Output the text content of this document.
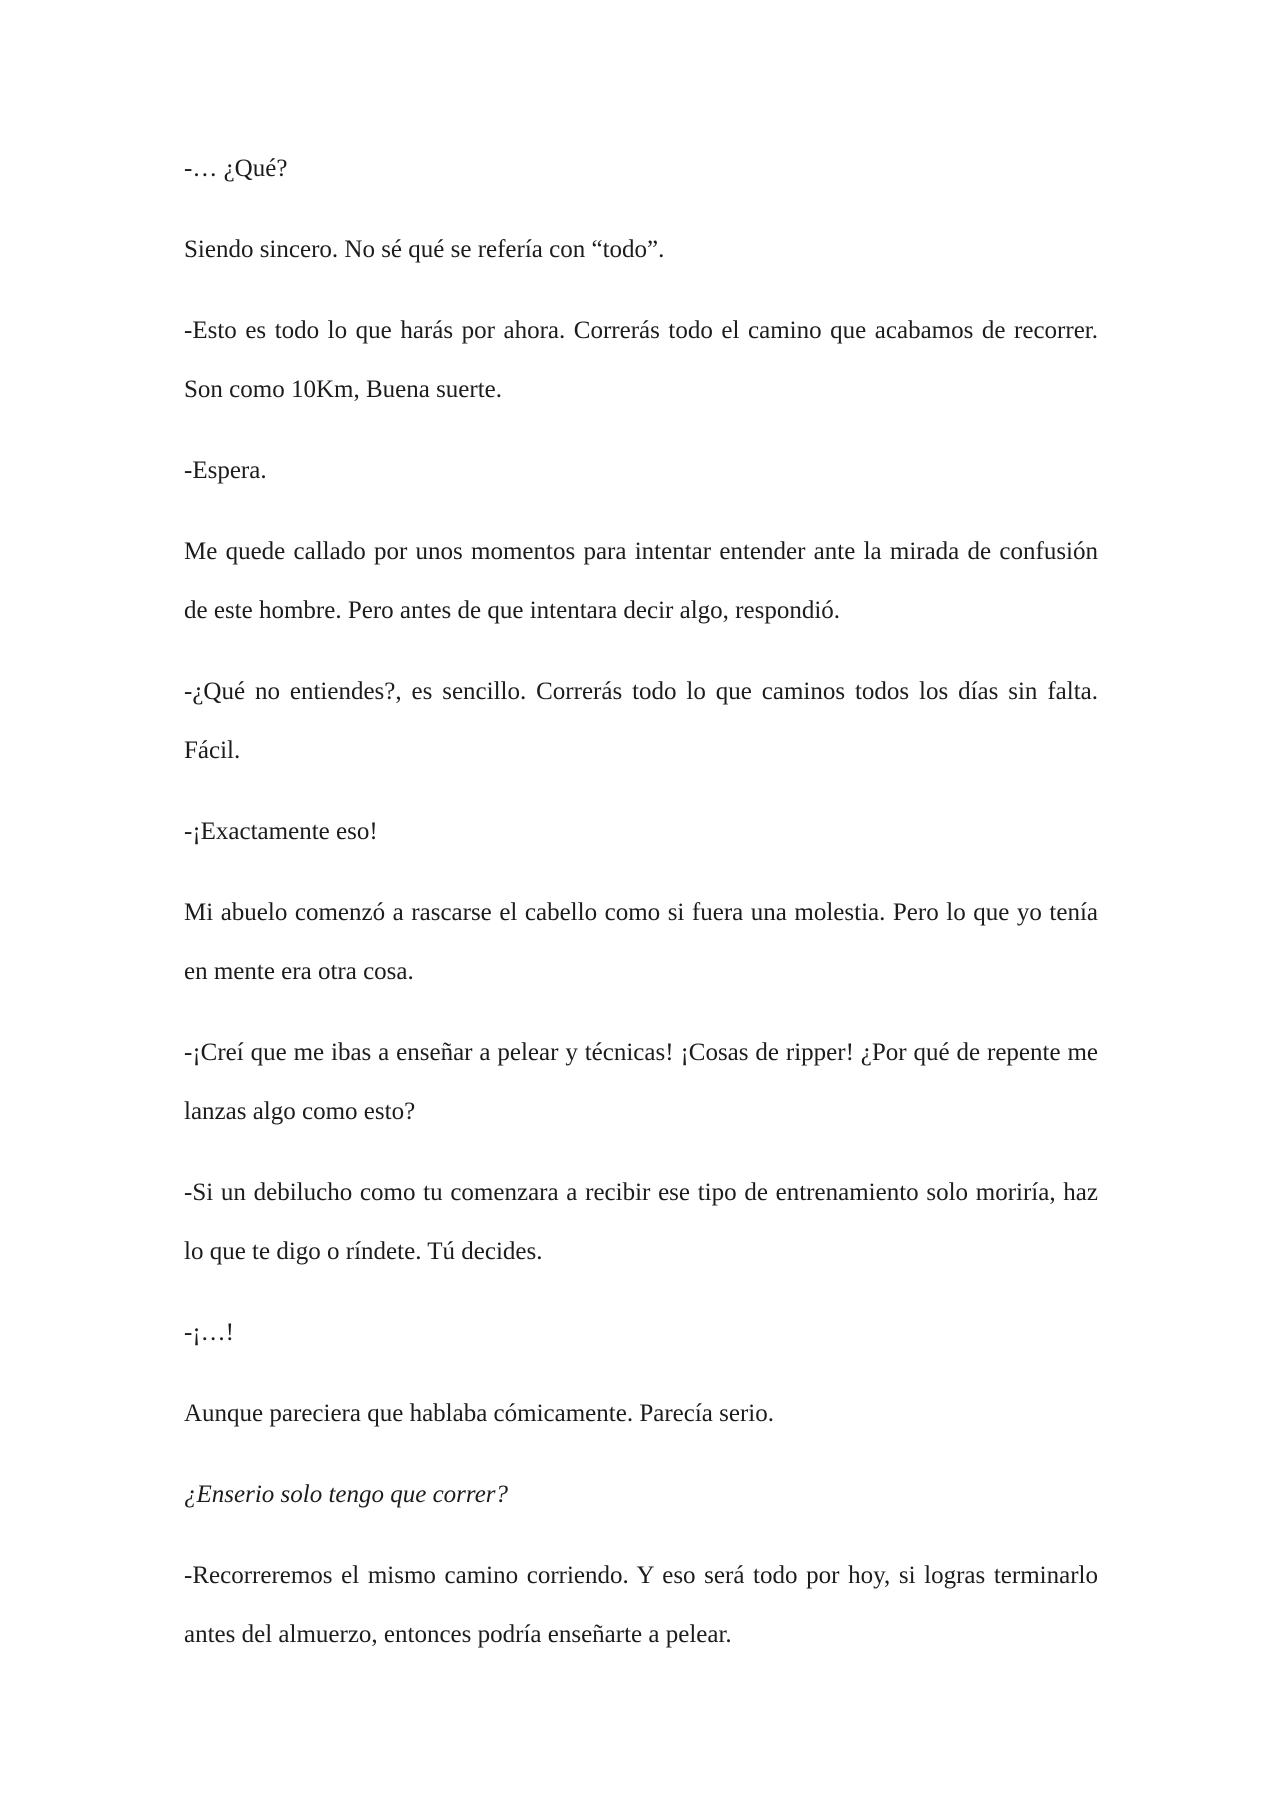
-… ¿Qué?

Siendo sincero. No sé qué se refería con “todo”.

-Esto es todo lo que harás por ahora. Correrás todo el camino que acabamos de recorrer. Son como 10Km, Buena suerte.

-Espera.

Me quede callado por unos momentos para intentar entender ante la mirada de confusión de este hombre. Pero antes de que intentara decir algo, respondió.

-¿Qué no entiendes?, es sencillo. Correrás todo lo que caminos todos los días sin falta. Fácil.

-¡Exactamente eso!

Mi abuelo comenzó a rascarse el cabello como si fuera una molestia. Pero lo que yo tenía en mente era otra cosa.

-¡Creí que me ibas a enseñar a pelear y técnicas! ¡Cosas de ripper! ¿Por qué de repente me lanzas algo como esto?

-Si un debilucho como tu comenzara a recibir ese tipo de entrenamiento solo moriría, haz lo que te digo o ríndete. Tú decides.

-¡…!

Aunque pareciera que hablaba cómicamente. Parecía serio.

¿Enserio solo tengo que correr?

-Recorreremos el mismo camino corriendo. Y eso será todo por hoy, si logras terminarlo antes del almuerzo, entonces podría enseñarte a pelear.
